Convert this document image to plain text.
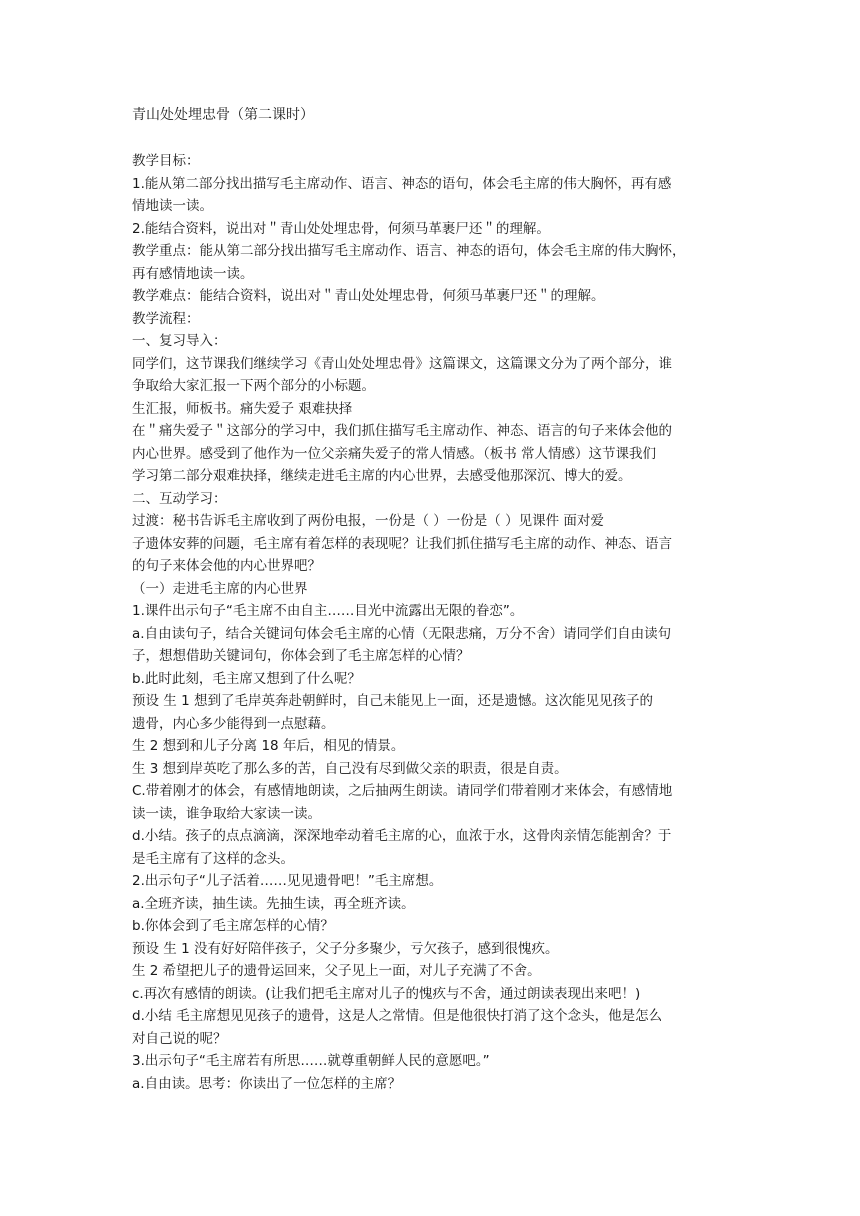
青山处处埋忠骨（第二课时）
教学目标：
1.能从第二部分找出描写毛主席动作、语言、神态的语句，体会毛主席的伟大胸怀，再有感
情地读一读。
2.能结合资料，说出对＂青山处处埋忠骨，何须马革裹尸还＂的理解。
教学重点：能从第二部分找出描写毛主席动作、语言、神态的语句，体会毛主席的伟大胸怀，
再有感情地读一读。
教学难点：能结合资料，说出对＂青山处处埋忠骨，何须马革裹尸还＂的理解。
教学流程：
一、复习导入：
同学们，这节课我们继续学习《青山处处埋忠骨》这篇课文，这篇课文分为了两个部分，谁
争取给大家汇报一下两个部分的小标题。
生汇报，师板书。痛失爱子 艰难抉择
在＂痛失爱子＂这部分的学习中，我们抓住描写毛主席动作、神态、语言的句子来体会他的
内心世界。感受到了他作为一位父亲痛失爱子的常人情感。（板书 常人情感）这节课我们
学习第二部分艰难抉择，继续走进毛主席的内心世界，去感受他那深沉、博大的爱。
二、互动学习：
过渡：秘书告诉毛主席收到了两份电报，一份是（ ）一份是（ ）见课件 面对爱
子遗体安葬的问题，毛主席有着怎样的表现呢？让我们抓住描写毛主席的动作、神态、语言
的句子来体会他的内心世界吧？
（一）走进毛主席的内心世界
1.课件出示句子“毛主席不由自主……目光中流露出无限的眷恋”。
a.自由读句子，结合关键词句体会毛主席的心情（无限悲痛，万分不舍）请同学们自由读句
子，想想借助关键词句，你体会到了毛主席怎样的心情？
b.此时此刻，毛主席又想到了什么呢？
预设 生 1 想到了毛岸英奔赴朝鲜时，自己未能见上一面，还是遗憾。这次能见见孩子的
遗骨，内心多少能得到一点慰藉。
生 2 想到和儿子分离 18 年后，相见的情景。
生 3 想到岸英吃了那么多的苦，自己没有尽到做父亲的职责，很是自责。
C.带着刚才的体会，有感情地朗读，之后抽两生朗读。请同学们带着刚才来体会，有感情地
读一读，谁争取给大家读一读。
d.小结。孩子的点点滴滴，深深地牵动着毛主席的心，血浓于水，这骨肉亲情怎能割舍？于
是毛主席有了这样的念头。
2.出示句子“儿子活着……见见遗骨吧！”毛主席想。
a.全班齐读，抽生读。先抽生读，再全班齐读。
b.你体会到了毛主席怎样的心情？
预设 生 1 没有好好陪伴孩子，父子分多聚少，亏欠孩子，感到很愧疚。
生 2 希望把儿子的遗骨运回来，父子见上一面，对儿子充满了不舍。
c.再次有感情的朗读。(让我们把毛主席对儿子的愧疚与不舍，通过朗读表现出来吧！)
d.小结 毛主席想见见孩子的遗骨，这是人之常情。但是他很快打消了这个念头，他是怎么
对自己说的呢？
3.出示句子“毛主席若有所思……就尊重朝鲜人民的意愿吧。”
a.自由读。思考：你读出了一位怎样的主席？
